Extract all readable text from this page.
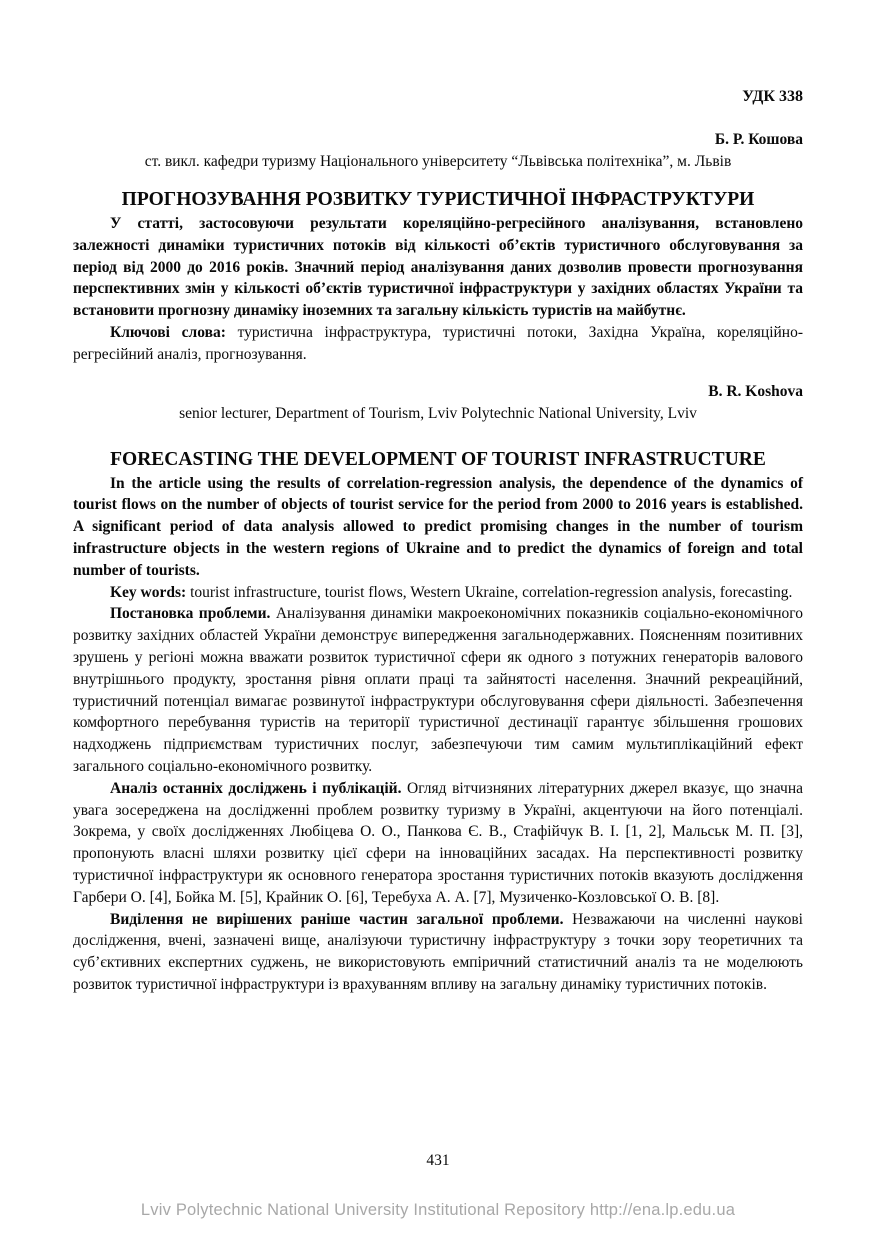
УДК 338
Б. Р. Кошова
ст. викл. кафедри туризму Національного університету “Львівська політехніка”, м. Львів
ПРОГНОЗУВАННЯ РОЗВИТКУ ТУРИСТИЧНОЇ ІНФРАСТРУКТУРИ

У статті, застосовуючи результати кореляційно-регресійного аналізування, встановлено залежності динаміки туристичних потоків від кількості об’єктів туристичного обслуговування за період від 2000 до 2016 років. Значний період аналізування даних дозволив провести прогнозування перспективних змін у кількості об’єктів туристичної інфраструктури у західних областях України та встановити прогнозну динаміку іноземних та загальну кількість туристів на майбутнє.

Ключові слова: туристична інфраструктура, туристичні потоки, Західна Україна, кореляційно-регресійний аналіз, прогнозування.

B. R. Koshova
senior lecturer, Department of Tourism, Lviv Polytechnic National University, Lviv
FORECASTING THE DEVELOPMENT OF TOURIST INFRASTRUCTURE

In the article using the results of correlation-regression analysis, the dependence of the dynamics of tourist flows on the number of objects of tourist service for the period from 2000 to 2016 years is established. A significant period of data analysis allowed to predict promising changes in the number of tourism infrastructure objects in the western regions of Ukraine and to predict the dynamics of foreign and total number of tourists.

Key words: tourist infrastructure, tourist flows, Western Ukraine, correlation-regression analysis, forecasting.

Постановка проблеми. Аналізування динаміки макроекономічних показників соціально-економічного розвитку західних областей України демонструє випередження загальнодержавних. Поясненням позитивних зрушень у регіоні можна вважати розвиток туристичної сфери як одного з потужних генераторів валового внутрішнього продукту, зростання рівня оплати праці та зайнятості населення. Значний рекреаційний, туристичний потенціал вимагає розвинутої інфраструктури обслуговування сфери діяльності. Забезпечення комфортного перебування туристів на території туристичної дестинації гарантує збільшення грошових надходжень підприємствам туристичних послуг, забезпечуючи тим самим мультиплікаційний ефект загального соціально-економічного розвитку.

Аналіз останніх досліджень і публікацій. Огляд вітчизняних літературних джерел вказує, що значна увага зосереджена на дослідженні проблем розвитку туризму в Україні, акцентуючи на його потенціалі. Зокрема, у своїх дослідженнях Любіцева О. О., Панкова Є. В., Стафійчук В. І. [1, 2], Мальськ М. П. [3], пропонують власні шляхи розвитку цієї сфери на інноваційних засадах. На перспективності розвитку туристичної інфраструктури як основного генератора зростання туристичних потоків вказують дослідження Гарбери О. [4], Бойка М. [5], Крайник О. [6], Теребуха А. А. [7], Музиченко-Козловської О. В. [8].

Виділення не вирішених раніше частин загальної проблеми. Незважаючи на численні наукові дослідження, вчені, зазначені вище, аналізуючи туристичну інфраструктуру з точки зору теоретичних та суб’єктивних експертних суджень, не використовують емпіричний статистичний аналіз та не моделюють розвиток туристичної інфраструктури із врахуванням впливу на загальну динаміку туристичних потоків.

431
Lviv Polytechnic National University Institutional Repository http://ena.lp.edu.ua
